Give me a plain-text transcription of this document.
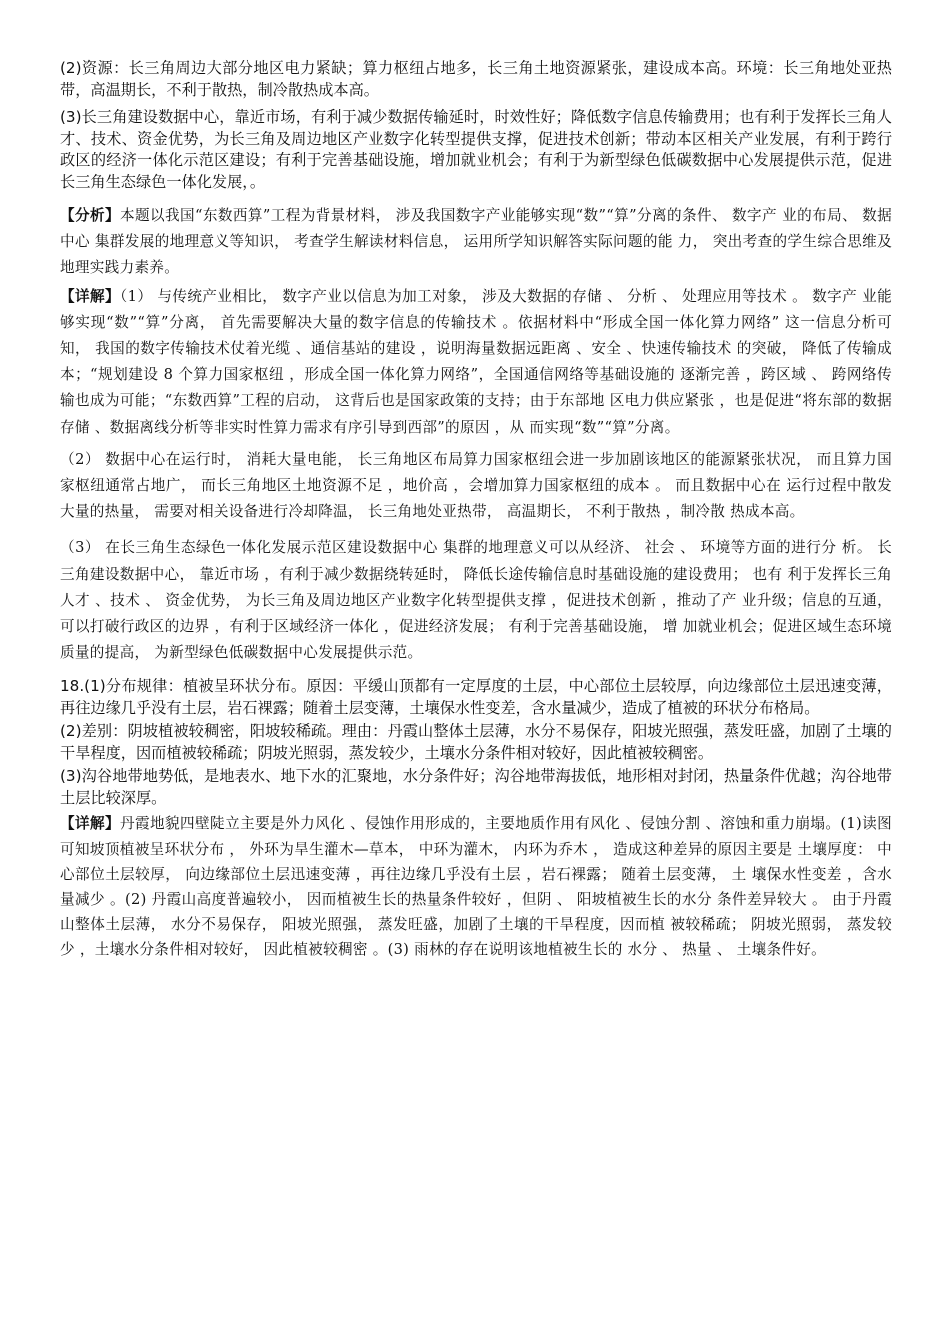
(2)资源：长三角周边大部分地区电力紧缺；算力枢纽占地多，长三角土地资源紧张，建设成本高。环境：长三角地处亚热带，高温期长，不利于散热，制冷散热成本高。

(3)长三角建设数据中心，靠近市场，有利于减少数据传输延时，时效性好；降低数字信息传输费用；也有利于发挥长三角人才、技术、资金优势，为长三角及周边地区产业数字化转型提供支撑，促进技术创新；带动本区相关产业发展，有利于跨行政区的经济一体化示范区建设；有利于完善基础设施，增加就业机会；有利于为新型绿色低碳数据中心发展提供示范，促进长三角生态绿色一体化发展，。

【分析】本题以我国“东数西算”工程为背景材料， 涉及我国数字产业能够实现“数”“算”分离的条件、 数字产 业的布局、 数据中心 集群发展的地理意义等知识， 考查学生解读材料信息， 运用所学知识解答实际问题的能 力， 突出考查的学生综合思维及地理实践力素养。

【详解】（1） 与传统产业相比， 数字产业以信息为加工对象， 涉及大数据的存储 、 分析 、 处理应用等技术 。 数字产 业能够实现“数”“算”分离， 首先需要解决大量的数字信息的传输技术 。依据材料中“形成全国一体化算力网络” 这一信息分析可知， 我国的数字传输技术仗着光缆 、通信基站的建设 ，说明海量数据远距离 、安全 、快速传输技术 的突破， 降低了传输成本；“规划建设 8 个算力国家枢纽 ，形成全国一体化算力网络”，全国通信网络等基础设施的 逐渐完善 ，跨区域 、 跨网络传输也成为可能；“东数西算”工程的启动， 这背后也是国家政策的支持；由于东部地 区电力供应紧张 ，也是促进“将东部的数据存储 、数据离线分析等非实时性算力需求有序引导到西部”的原因 ，从 而实现“数”“算”分离。

（2） 数据中心在运行时， 消耗大量电能， 长三角地区布局算力国家枢纽会进一步加剧该地区的能源紧张状况， 而且算力国家枢纽通常占地广， 而长三角地区土地资源不足 ，地价高 ，会增加算力国家枢纽的成本 。 而且数据中心在 运行过程中散发大量的热量， 需要对相关设备进行冷却降温， 长三角地处亚热带， 高温期长， 不利于散热 ，制冷散 热成本高。

（3） 在长三角生态绿色一体化发展示范区建设数据中心 集群的地理意义可以从经济、 社会 、 环境等方面的进行分 析。 长三角建设数据中心， 靠近市场 ，有利于减少数据绕转延时， 降低长途传输信息时基础设施的建设费用； 也有 利于发挥长三角人才 、技术 、 资金优势， 为长三角及周边地区产业数字化转型提供支撑 ，促进技术创新 ，推动了产 业升级；信息的互通， 可以打破行政区的边界 ，有利于区域经济一体化 ，促进经济发展； 有利于完善基础设施， 增 加就业机会；促进区域生态环境质量的提高， 为新型绿色低碳数据中心发展提供示范。

18.(1)分布规律：植被呈环状分布。原因：平缓山顶都有一定厚度的土层，中心部位土层较厚，向边缘部位土层迅速变薄，再往边缘几乎没有土层，岩石裸露；随着土层变薄，土壤保水性变差，含水量减少，造成了植被的环状分布格局。

(2)差别：阴坡植被较稠密，阳坡较稀疏。理由：丹霞山整体土层薄，水分不易保存，阳坡光照强，蒸发旺盛，加剧了土壤的干旱程度，因而植被较稀疏；阴坡光照弱，蒸发较少，土壤水分条件相对较好，因此植被较稠密。

(3)沟谷地带地势低，是地表水、地下水的汇聚地，水分条件好；沟谷地带海拔低，地形相对封闭，热量条件优越；沟谷地带土层比较深厚。

【详解】丹霞地貌四壁陡立主要是外力风化 、侵蚀作用形成的，主要地质作用有风化 、侵蚀分割 、溶蚀和重力崩塌。(1)读图可知坡顶植被呈环状分布 ， 外环为旱生灌木—草本， 中环为灌木， 内环为乔木 ， 造成这种差异的原因主要是 土壤厚度： 中 心部位土层较厚， 向边缘部位土层迅速变薄 ，再往边缘几乎没有土层 ，岩石裸露； 随着土层变薄， 土 壤保水性变差 ，含水量减少 。(2) 丹霞山高度普遍较小， 因而植被生长的热量条件较好 ，但阴 、 阳坡植被生长的水分 条件差异较大 。 由于丹霞山整体土层薄， 水分不易保存， 阳坡光照强， 蒸发旺盛，加剧了土壤的干旱程度，因而植 被较稀疏； 阴坡光照弱， 蒸发较少 ，土壤水分条件相对较好， 因此植被较稠密 。(3) 雨林的存在说明该地植被生长的 水分 、 热量 、 土壤条件好。
